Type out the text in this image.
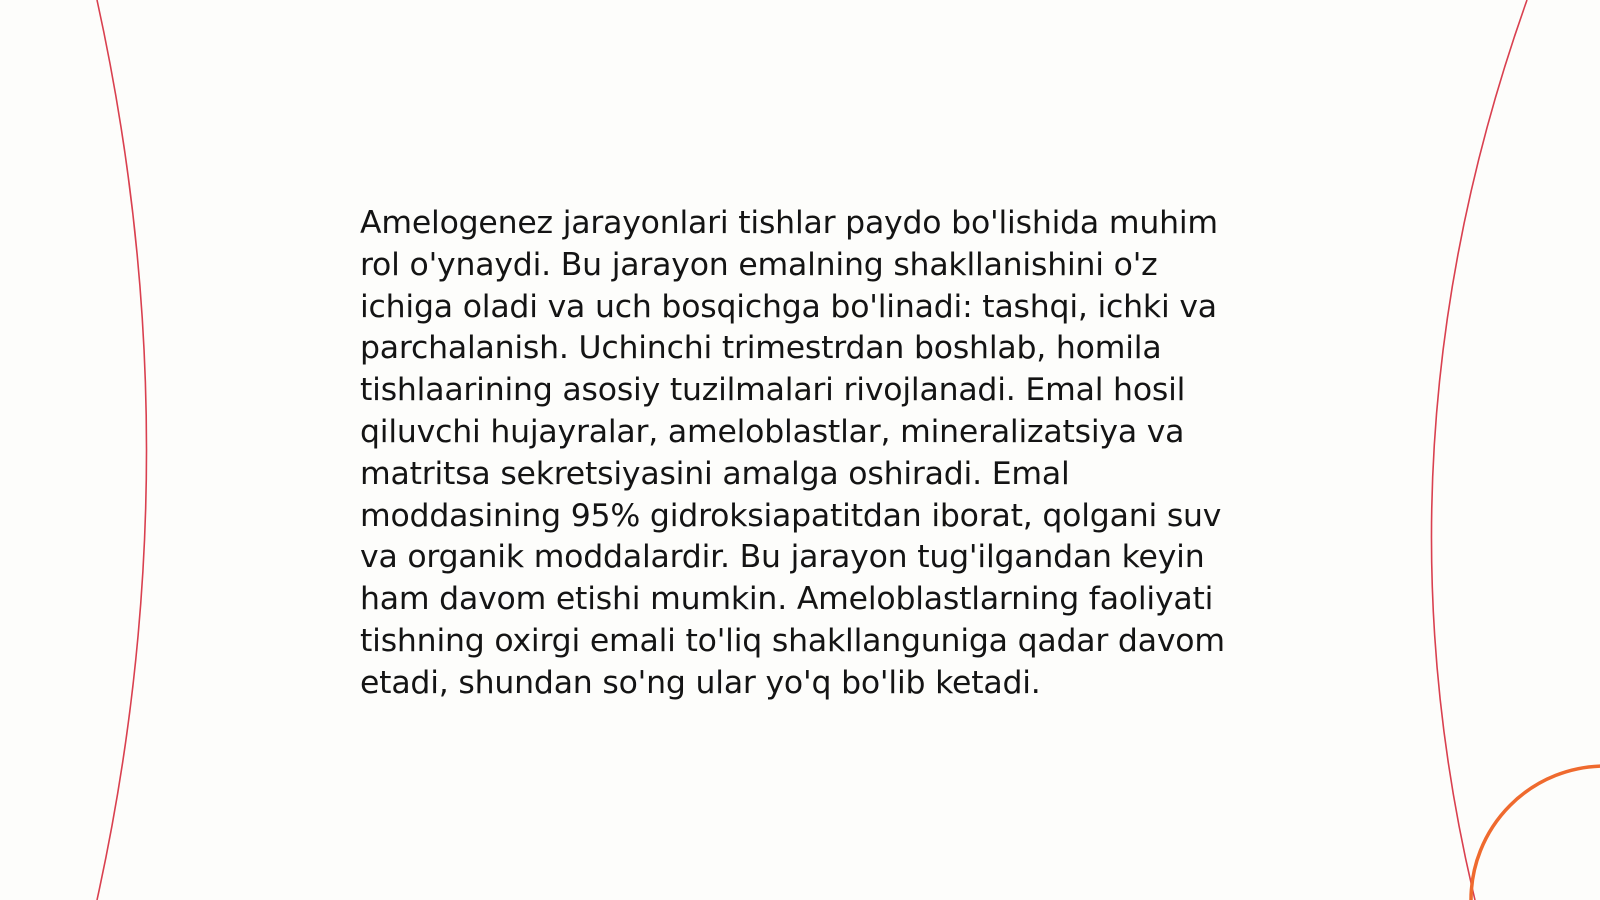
Amelogenez jarayonlari tishlar paydo bo'lishida muhim rol o'ynaydi. Bu jarayon emalning shakllanishini o'z ichiga oladi va uch bosqichga bo'linadi: tashqi, ichki va parchalanish. Uchinchi trimestrdan boshlab, homila tishlaarining asosiy tuzilmalari rivojlanadi. Emal hosil qiluvchi hujayralar, ameloblastlar, mineralizatsiya va matritsa sekretsiyasini amalga oshiradi. Emal moddasining 95% gidroksiapatitdan iborat, qolgani suv va organik moddalardir. Bu jarayon tug'ilgandan keyin ham davom etishi mumkin. Ameloblastlarning faoliyati tishning oxirgi emali to'liq shakllanguniga qadar davom etadi, shundan so'ng ular yo'q bo'lib ketadi.
